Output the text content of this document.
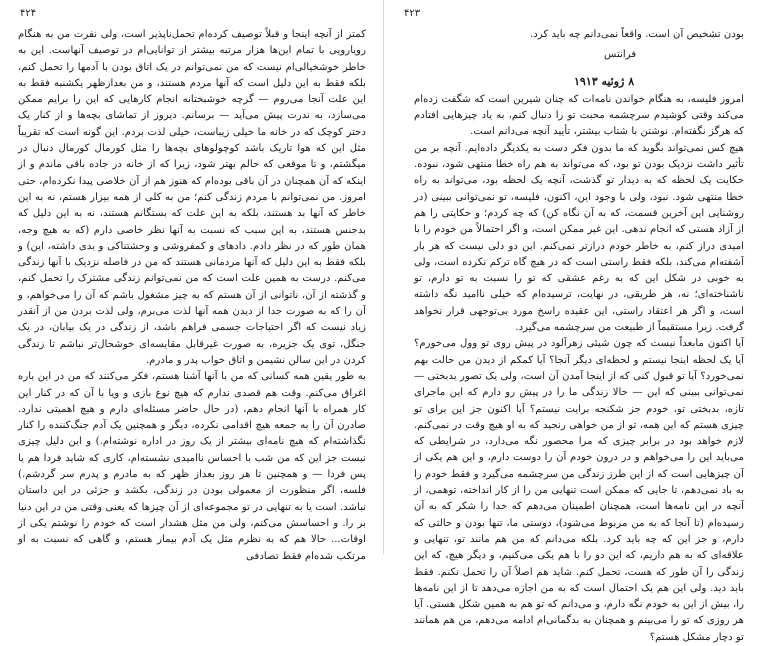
۴۲۴

کمتر از آنچه اینجا و قبلاً توصیف کرده‌ام تحمل‌ناپذیر است، ولی نفرت من به هنگام رویارویی با تمام این‌ها هزار مرتبه بیشتر از توانایی‌ام در توصیف آنهاست. این به خاطر خوشخیالی‌ام نیست که من نمی‌توانم در یک اتاق بودن با آدمها را تحمل کنم، بلکه فقط به این دلیل است که آنها مردم هستند، و من بعدازظهر یکشنبه فقط به این علت آنجا می‌روم — گرچه خوشبختانه انجام کارهایی که این را برایم ممکن می‌سازد، به ندرت پیش می‌آید — برسانم. دیروز از تماشای بچه‌ها و از کنار یک دختر کوچک که در خانه ما خیلی زیباست، خیلی لذت بردم. این گونه است که تقریباً مثل این که هوا تاریک باشد کوچولوهای بچه‌ها را مثل کورمال کورمال دنبال در میگشتم، و تا موقعی که حالم بهتر شود، زیرا که از خانه در جاده باقی ماندم و از اینکه که آن همچنان در آن باقی بوده‌ام که هنوز هم از آن خلاصی پیدا نکرده‌ام، حتی امروز. من نمی‌توانم با مردم زندگی کنم؛ من به کلی از همه بیزار هستم، نه به این خاطر که آنها بد هستند، بلکه به این علت که بستگانم هستند، نه به این دلیل که بدجنس هستند، به این سبب که نسبت به آنها نظر خاصی دارم (که به هیچ وجه، همان طور که در نظر دادم. دادهای و کمفروشی و وحشتناکی و بدی داشته، این) و بلکه فقط به این دلیل که آنها مردمانی هستند که من در فاصله نزدیک با آنها زندگی می‌کنم. درست به همین علت است که من نمی‌توانم زندگی مشترک را تحمل کنم، و گذشته از آن، ناتوانی از آن هستم که به چیز مشغول باشم که آن را می‌خواهم، و آن را که به صورت جدا از دیدن همه آنها لذت می‌برم، ولی لذت بردن من از آنقدر زیاد نیست که اگر احتیاجات جسمی فراهم باشد، از زندگی در یک بیابان، در یک جنگل، توی یک جزیره، به صورت غیرقابل مقایسه‌ای خوشحال‌تر نباشم تا زندگی کردن در این سالن نشیمن و اتاق خواب پدر و مادرم.

به طور یقین همه کسانی که من با آنها آشنا هستم، فکر می‌کنند که من در این باره اغراق می‌کنم. وقت هم قصدی ندارم که هیچ نوع بازی و ویا با آن که در کنار این کار همراه با آنها انجام دهم، (در حال حاضر مسئله‌ای دارم و هیچ اهمیتی ندارد. صادرن آن را به جمعه هیچ اقدامی نکرده، دیگر و همچنین یک آدم جنگ‌کننده را کنار نگذاشته‌ام که هیچ نامه‌ای بیشتر از یک روز در اداره نوشته‌ام.) و این دلیل چیزی نیست جز این که من شب با احساس ناامیدی نشسته‌ام، کاری که شاید فردا هم یا پس فردا — و همچنین تا هر روز بعداز ظهر که به مادرم و پدرم سر گردشم.) فلسه، اگر منظورت از معمولی بودن در زندگی، بکشد و جزئی در این داستان نباشد. است یا به تنهایی در تو مجموعه‌ای از آن چیزها که یعنی وقتی من در این دنیا بر ‌را. و احساسش می‌کنم، ولی من مثل هشدار است که خودم را نوشتم یکی از اوقات... حالا هم که به نظرم مثل یک آدم بیمار هستم، و گاهی که نسبت به او مرتکب شده‌ام فقط تصادفی

۴۲۳

بودن تشخیص آن است. واقعاً نمی‌دانم چه باید کرد.

فرانتس

۸ ژوئیه ۱۹۱۳

امروز فلیسه، به هنگام خواندن نامه‌ات که چنان شیرین است که شگفت زده‌ام می‌کند وقتی کوشیدم سرچشمه محبت تو را دنبال کنم، به یاد چیزهایی افتادم که هرگز نگفته‌ام. نوشتن با شتاب بیشتر، تأیید آنچه می‌دانم است.

هیچ کس نمی‌تواند بگوید که ما بدون فکر دست به یکدیگر داده‌ایم. آنچه بر من تأثیر داشت نزدیک بودن تو بود، که می‌تواند به هم راه خطا منتهی شود، نبوده. حکایت یک لحظه که به دیدار تو گذشت، آنچه یک لحظه بود، می‌تواند به راه خطا منتهی شود. نبود، ولی با وجود این، اکنون، فلیسه، تو نمی‌توانی ببینی (در روشنایی این آخرین قسمت، که به آن نگاه کن) که چه کردم؛ و حکایتی را هم از آزاد هستی که انجام ندهی. این غیر ممکن است، و اگر احتمالاً من خودم را با امیدی دراز کنم، به خاطر خودم درازتر نمی‌کنم. این دو دلی نیست که هر بار آشفته‌ام می‌کند، بلکه فقط راستی است که در هیچ گاه ترکم نکرده است، ولی به خوبی در شکل این که به رغم عشقی که تو را نسبت به تو دارم، تو ناشناخته‌ای؛ نه، هر طریقی، در نهایت، ترسیده‌ام که خیلی ناامید نگه داشته است، و اگر هر اعتقاد راستی، این عقیده راسخ مورد بی‌توجهی قرار نخواهد گرفت. زیرا مستقیماً از طبیعت من سرچشمه می‌گیرد.

آیا اکنون مابعداً نیست که چون شیئی زهرآلود در پیش روی تو وول می‌خورم؟ آیا یک لحظه اینجا نیستم و لحظه‌ای دیگر آنجا؟ آیا کمکم از دیدن من حالت بهم نمی‌خورد؟ آیا تو قبول کنی که از اینجا آمدن آن است، ولی یک تصور بدبختی — نمی‌توانی ببینی که این — حالا زندگی ما را در پیش رو دارم که این ماجرای تازه، بدبختی تو، خودم جز شکنجه برایت نیستم؟ آیا اکنون جز این برای تو چیزی هستم که این همه، تو از من خواهی رنجید که به او هیچ وقت در نمی‌کنم. لازم خواهد بود در برابر چیزی که مرا محصور نگه می‌دارد، در شرایطی که می‌باید این را می‌خواهم و در درون خودم آن را دوست دارم، و این هم یکی از آن چیزهایی است که از این طرز زندگی من سرچشمه می‌گیرد و فقط خودم را به باد نمی‌دهم، تا جایی که ممکن است تنهایی من را از کار انداخته، توهمی، از آنچه در این نامه‌ها است، همچنان اطمینان می‌دهم که خدا را شکر که به آن رسیده‌ام (تا آنجا که به من مربوط می‌شود)، دوستی ما، تنها بودن و حالتی که دارم، و جز این که چه باید کرد. بلکه می‌دانم که من هم مانند تو، تنهایی و علاقه‌ای که به هم داریم، که این دو را با هم یکی می‌کنیم، و دیگر هیچ، که این زندگی را آن طور که هست، تحمل کنم. شاید هم اصلاً آن را تحمل نکنم. فقط باید دید. ولی این هم یک احتمال است که به من اجازه می‌دهد تا از این نامه‌ها را، بیش از این به خودم نگه دارم، و می‌دانم که تو هم به همین شکل هستی. آیا هر روزی که تو را می‌بینم و همچنان به بدگمانی‌ام ادامه می‌دهم، من هم همانند تو دچار مشکل هستم؟
